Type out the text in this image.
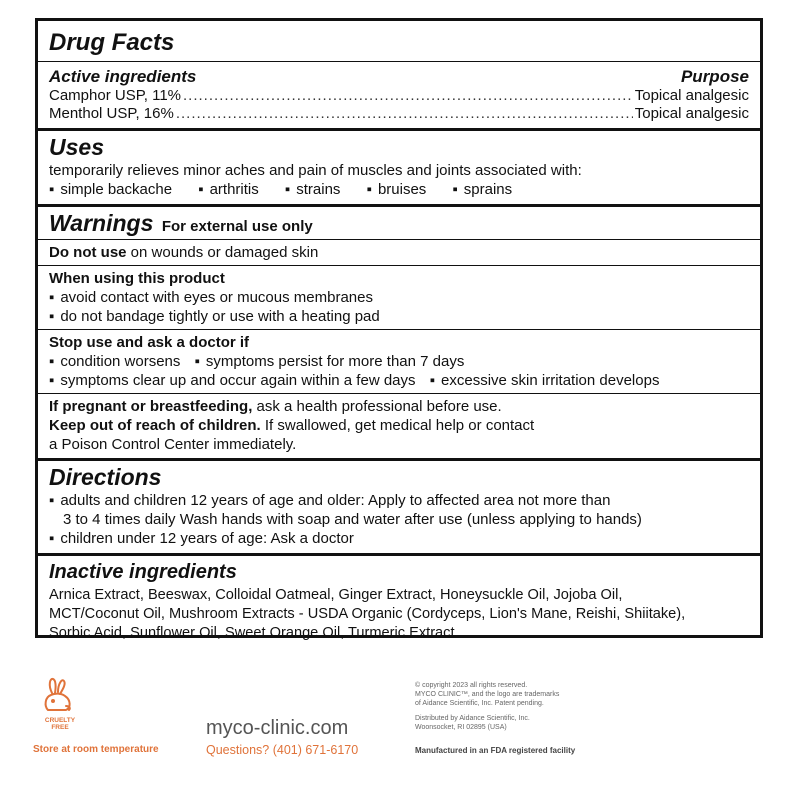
Drug Facts
Active ingredients	Purpose
Camphor USP, 11% .....	Topical analgesic
Menthol USP, 16% .....	Topical analgesic
Uses
temporarily relieves minor aches and pain of muscles and joints associated with:
▪ simple backache	▪ arthritis	▪ strains	▪ bruises	▪ sprains
Warnings For external use only
Do not use on wounds or damaged skin
When using this product
▪ avoid contact with eyes or mucous membranes
▪ do not bandage tightly or use with a heating pad
Stop use and ask a doctor if
▪ condition worsens ▪ symptoms persist for more than 7 days
▪ symptoms clear up and occur again within a few days ▪ excessive skin irritation develops
If pregnant or breastfeeding, ask a health professional before use.
Keep out of reach of children. If swallowed, get medical help or contact
a Poison Control Center immediately.
Directions
▪ adults and children 12 years of age and older: Apply to affected area not more than
3 to 4 times daily Wash hands with soap and water after use (unless applying to hands)
▪ children under 12 years of age: Ask a doctor
Inactive ingredients
Arnica Extract, Beeswax, Colloidal Oatmeal, Ginger Extract, Honeysuckle Oil, Jojoba Oil,
MCT/Coconut Oil, Mushroom Extracts - USDA Organic (Cordyceps, Lion's Mane, Reishi, Shiitake),
Sorbic Acid, Sunflower Oil, Sweet Orange Oil, Turmeric Extract
CRUELTY FREE
Store at room temperature
myco-clinic.com
Questions? (401) 671-6170
© copyright 2023 all rights reserved.
MYCO CLINIC™, and the logo are trademarks
of Aidance Scientific, Inc. Patent pending.
Distributed by Aidance Scientific, Inc.
Woonsocket, RI 02895 (USA)
Manufactured in an FDA registered facility
